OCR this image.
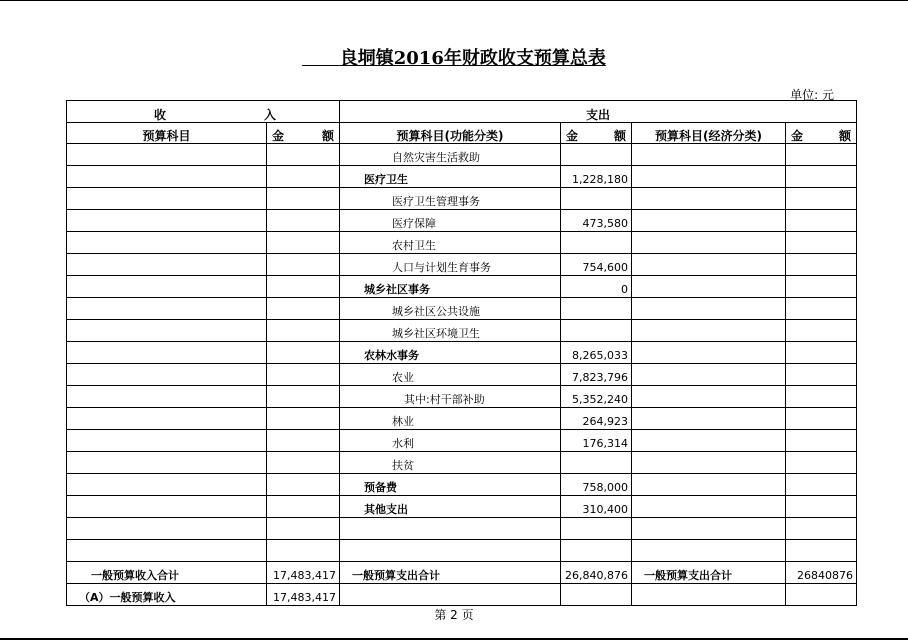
良垌镇2016年财政收支预算总表
单位: 元
收 入		支出			
预算科目	金 额	预算科目(功能分类)	金 额	预算科目(经济分类)	金 额

		自然灾害生活救助			
		医疗卫生	1,228,180		
		医疗卫生管理事务			
		医疗保障	473,580		
		农村卫生			
		人口与计划生育事务	754,600		
		城乡社区事务	0		
		城乡社区公共设施			
		城乡社区环境卫生			
		农林水事务	8,265,033		
		农业	7,823,796		
		其中:村干部补助	5,352,240		
		林业	264,923		
		水利	176,314		
		扶贫			
		预备费	758,000		
		其他支出	310,400		

一般预算收入合计	17,483,417	一般预算支出合计	26,840,876	一般预算支出合计	26840876
（A）一般预算收入	17,483,417				
第 2 页
